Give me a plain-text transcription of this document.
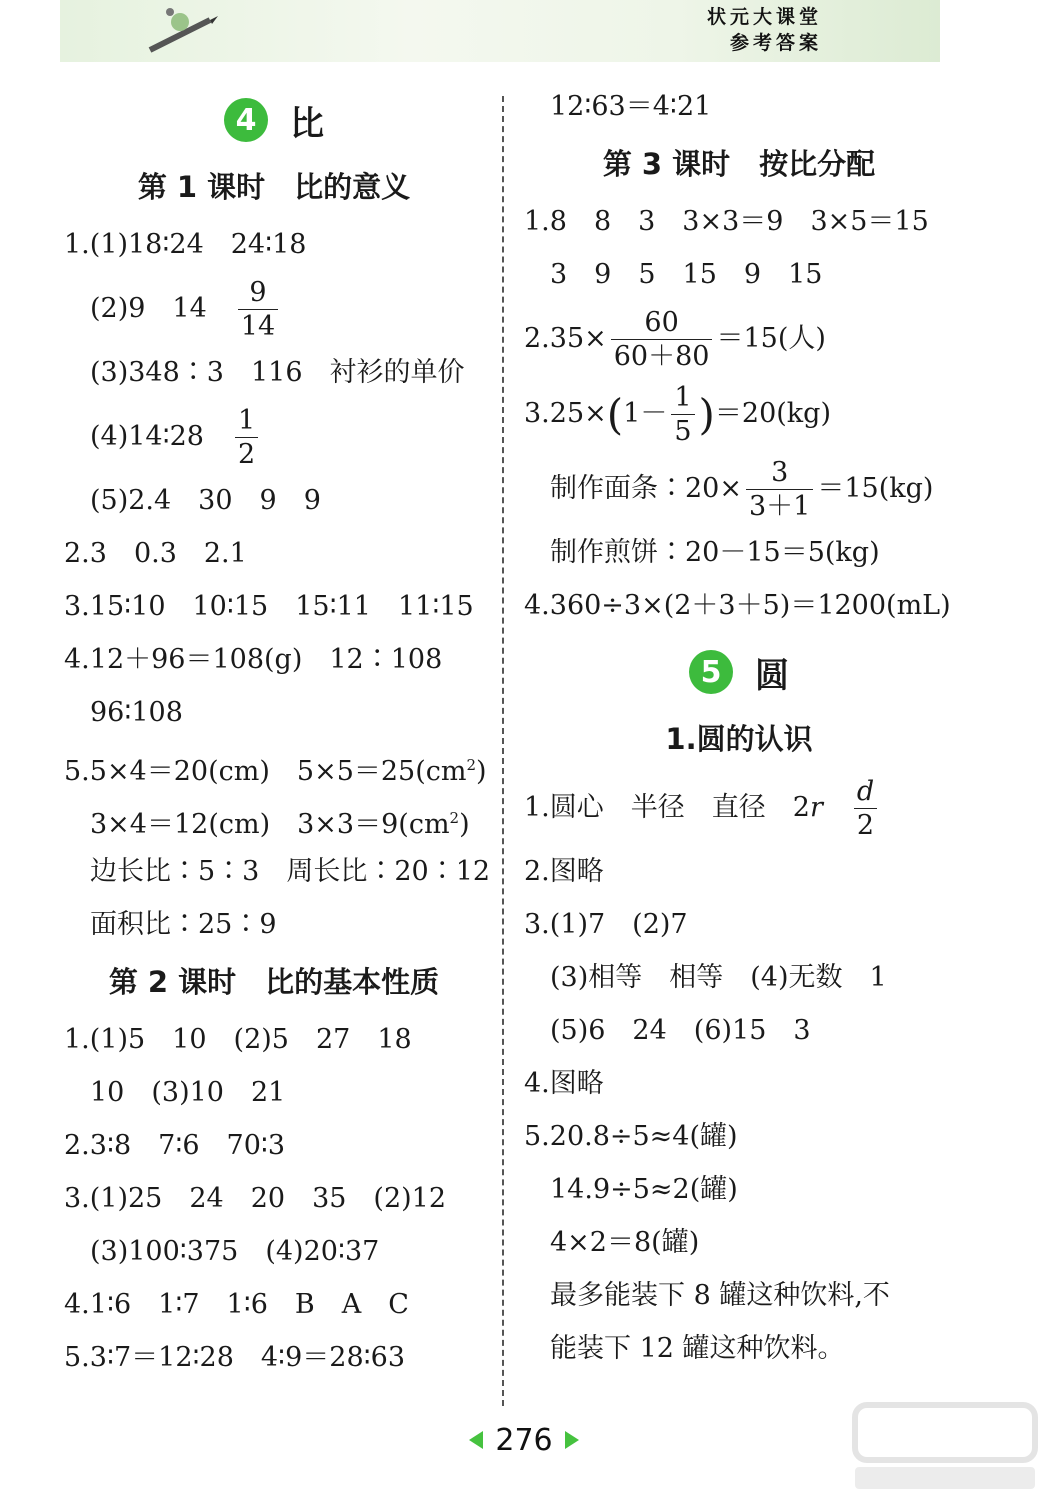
状元大课堂
参考答案
4 比
第 1 课时　比的意义
1.(1)18∶24　24∶18
(2)9　14　 $\frac{9}{14}$
(3)348∶3　116　衬衫的单价
(4)14∶28　 $\frac{1}{2}$
(5)2.4　30　9　9
2.3　0.3　2.1
3.15∶10　10∶15　15∶11　11∶15
4.12＋96＝108(g)　12∶108
96∶108
5.5×4＝20(cm)　$5\times 5=25(cm^2)$
3×4＝12(cm)　$3\times 3=9(cm^2)$
边长比∶5∶3　周长比∶20∶12
面积比∶25∶9
第 2 课时　比的基本性质
1.(1)5　10　(2)5　27　18
10　(3)10　21
2.3∶8　7∶6　70∶3
3.(1)25　24　20　35　(2)12
(3)100∶375　(4)20∶37
4.1∶6　1∶7　1∶6　B　A　C
5.3∶7＝12∶28　4∶9＝28∶63
12∶63＝4∶21
第 3 课时　按比分配
1.8　8　3　3×3＝9　3×5＝15
3　9　5　15　9　15
$2.35\times \frac{60}{60+80} =15$(人)
$3.25\times(1- \frac{1}{5} )=20(kg)$
制作面条∶20× $\frac{3}{3+1} =15(kg)$
制作煎饼∶20－15＝5(kg)
4.360÷3×(2＋3＋5)＝1200(mL)
5 圆
1.圆的认识
1.圆心　半径　直径　2r　 $\frac{d}{2}$
2.图略
3.(1)7　(2)7
(3)相等　相等　(4)无数　1
(5)6　24　(6)15　3
4.图略
5.20.8÷5≈4(罐)
14.9÷5≈2(罐)
4×2＝8(罐)
最多能装下 8 罐这种饮料,不
能装下 12 罐这种饮料。
276
